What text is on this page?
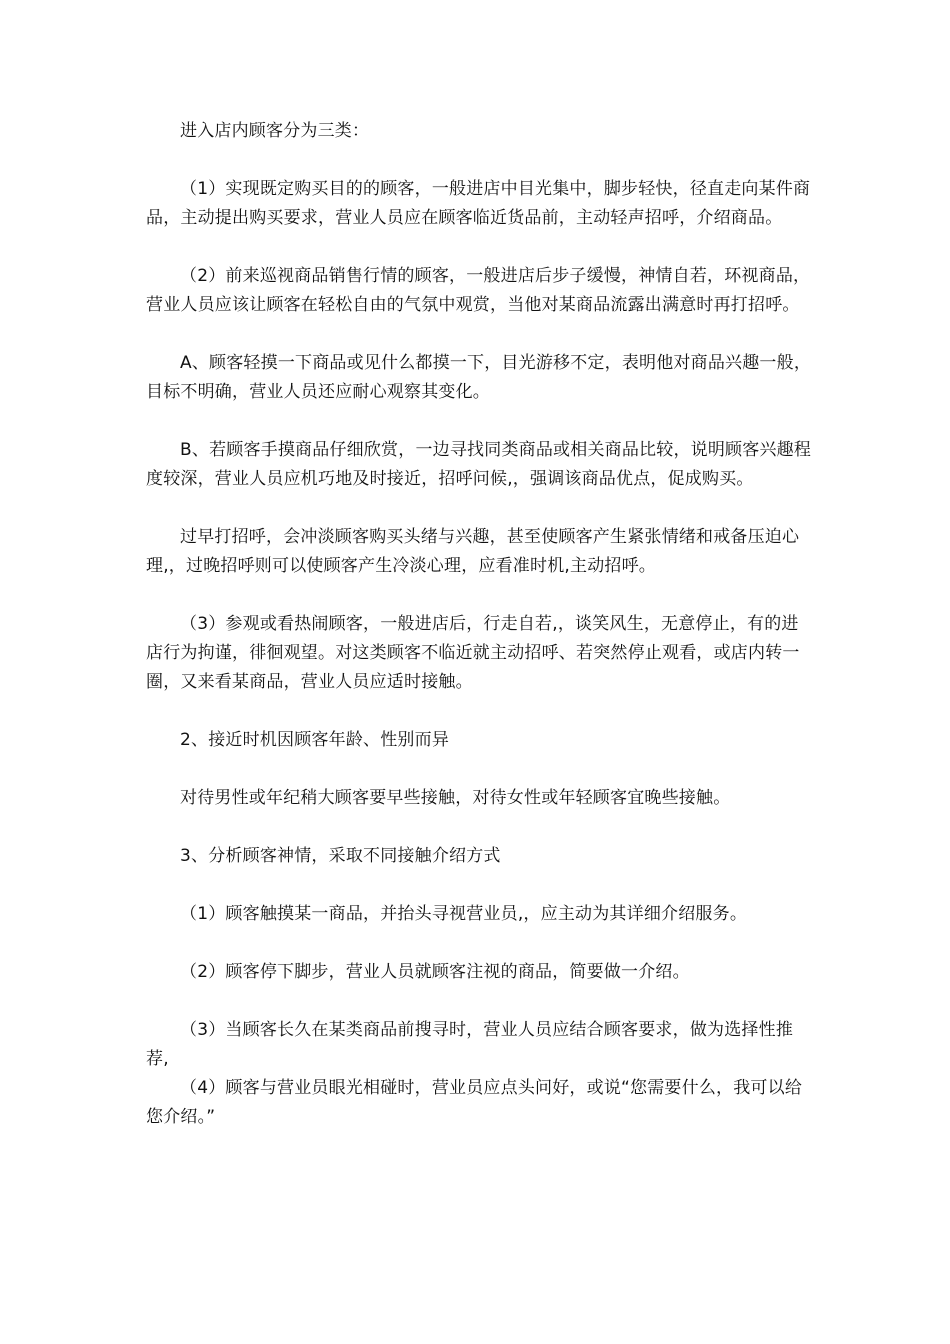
进入店内顾客分为三类：

（1）实现既定购买目的的顾客，一般进店中目光集中，脚步轻快，径直走向某件商品，主动提出购买要求，营业人员应在顾客临近货品前，主动轻声招呼，介绍商品。

（2）前来巡视商品销售行情的顾客，一般进店后步子缓慢，神情自若，环视商品，营业人员应该让顾客在轻松自由的气氛中观赏，当他对某商品流露出满意时再打招呼。

A、顾客轻摸一下商品或见什么都摸一下，目光游移不定，表明他对商品兴趣一般，目标不明确，营业人员还应耐心观察其变化。

B、若顾客手摸商品仔细欣赏，一边寻找同类商品或相关商品比较，说明顾客兴趣程度较深，营业人员应机巧地及时接近，招呼问候,，强调该商品优点，促成购买。

过早打招呼，会冲淡顾客购买头绪与兴趣，甚至使顾客产生紧张情绪和戒备压迫心理,，过晚招呼则可以使顾客产生冷淡心理，应看准时机,主动招呼。

（3）参观或看热闹顾客，一般进店后，行走自若,，谈笑风生，无意停止，有的进店行为拘谨，徘徊观望。对这类顾客不临近就主动招呼、若突然停止观看，或店内转一圈，又来看某商品，营业人员应适时接触。

2、接近时机因顾客年龄、性别而异

对待男性或年纪稍大顾客要早些接触，对待女性或年轻顾客宜晚些接触。

3、分析顾客神情，采取不同接触介绍方式

（1）顾客触摸某一商品，并抬头寻视营业员,，应主动为其详细介绍服务。

（2）顾客停下脚步，营业人员就顾客注视的商品，简要做一介绍。

（3）当顾客长久在某类商品前搜寻时，营业人员应结合顾客要求，做为选择性推荐,

（4）顾客与营业员眼光相碰时，营业员应点头问好，或说“您需要什么，我可以给您介绍。”
